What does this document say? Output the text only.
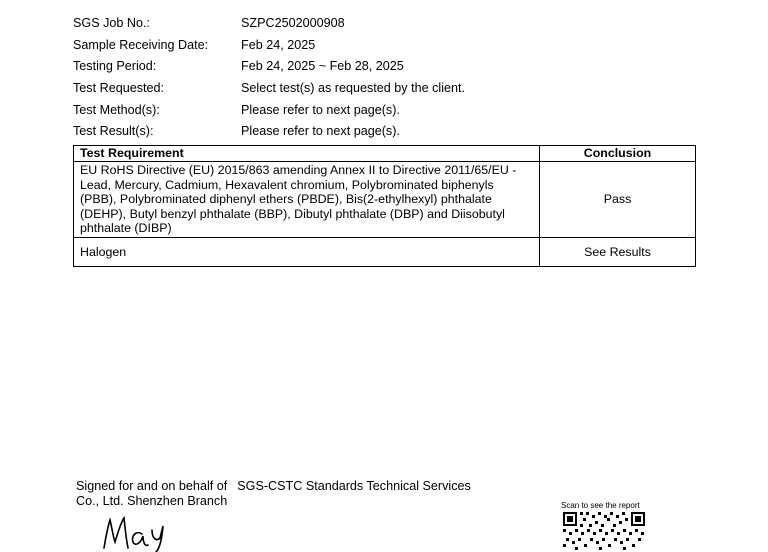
SGS Job No.:	SZPC2502000908
Sample Receiving Date:	Feb 24, 2025
Testing Period:	Feb 24, 2025 ~ Feb 28, 2025
Test Requested:	Select test(s) as requested by the client.
Test Method(s):	Please refer to next page(s).
Test Result(s):	Please refer to next page(s).
Test Requirement	Conclusion
EU RoHS Directive (EU) 2015/863 amending Annex II to Directive 2011/65/EU - Lead, Mercury, Cadmium, Hexavalent chromium, Polybrominated biphenyls (PBB), Polybrominated diphenyl ethers (PBDE), Bis(2-ethylhexyl) phthalate (DEHP), Butyl benzyl phthalate (BBP), Dibutyl phthalate (DBP) and Diisobutyl phthalate (DIBP)	Pass
Halogen	See Results
Signed for and on behalf of SGS-CSTC Standards Technical Services
Co., Ltd. Shenzhen Branch	Scan to see the report
